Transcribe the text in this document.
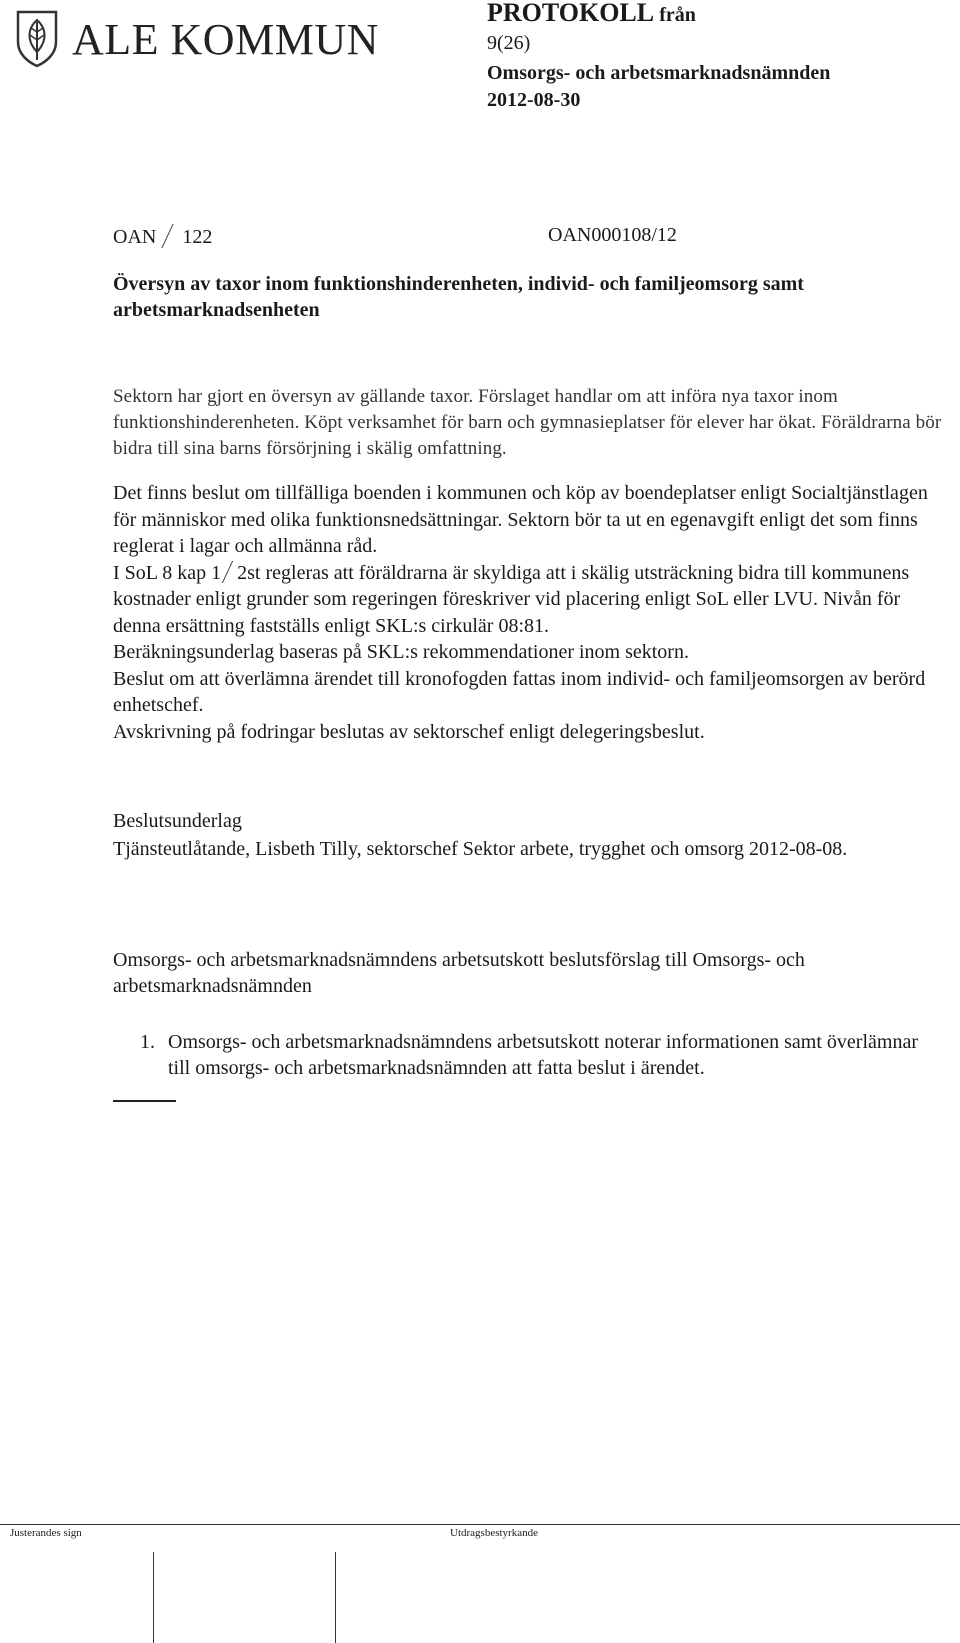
ALE KOMMUN
PROTOKOLL från
9(26)
Omsorgs- och arbetsmarknadsnämnden
2012-08-30
OAN 122	OAN000108/12
Översyn av taxor inom funktionshinderenheten, individ- och familjeomsorg samt arbetsmarknadsenheten
Sektorn har gjort en översyn av gällande taxor. Förslaget handlar om att införa nya taxor inom funktionshinderenheten. Köpt verksamhet för barn och gymnasieplatser för elever har ökat. Föräldrarna bör bidra till sina barns försörjning i skälig omfattning.
Det finns beslut om tillfälliga boenden i kommunen och köp av boendeplatser enligt Socialtjänstlagen för människor med olika funktionsnedsättningar. Sektorn bör ta ut en egenavgift enligt det som finns reglerat i lagar och allmänna råd.
I SoL 8 kap 1 2st regleras att föräldrarna är skyldiga att i skälig utsträckning bidra till kommunens kostnader enligt grunder som regeringen föreskriver vid placering enligt SoL eller LVU. Nivån för denna ersättning fastställs enligt SKL:s cirkulär 08:81.
Beräkningsunderlag baseras på SKL:s rekommendationer inom sektorn.
Beslut om att överlämna ärendet till kronofogden fattas inom individ- och familjeomsorgen av berörd enhetschef.
Avskrivning på fodringar beslutas av sektorschef enligt delegeringsbeslut.
Beslutsunderlag
Tjänsteutlåtande, Lisbeth Tilly, sektorschef Sektor arbete, trygghet och omsorg 2012-08-08.
Omsorgs- och arbetsmarknadsnämndens arbetsutskott beslutsförslag till Omsorgs- och arbetsmarknadsnämnden
1. Omsorgs- och arbetsmarknadsnämndens arbetsutskott noterar informationen samt överlämnar till omsorgs- och arbetsmarknadsnämnden att fatta beslut i ärendet.
Justerandes sign	Utdragsbestyrkande
